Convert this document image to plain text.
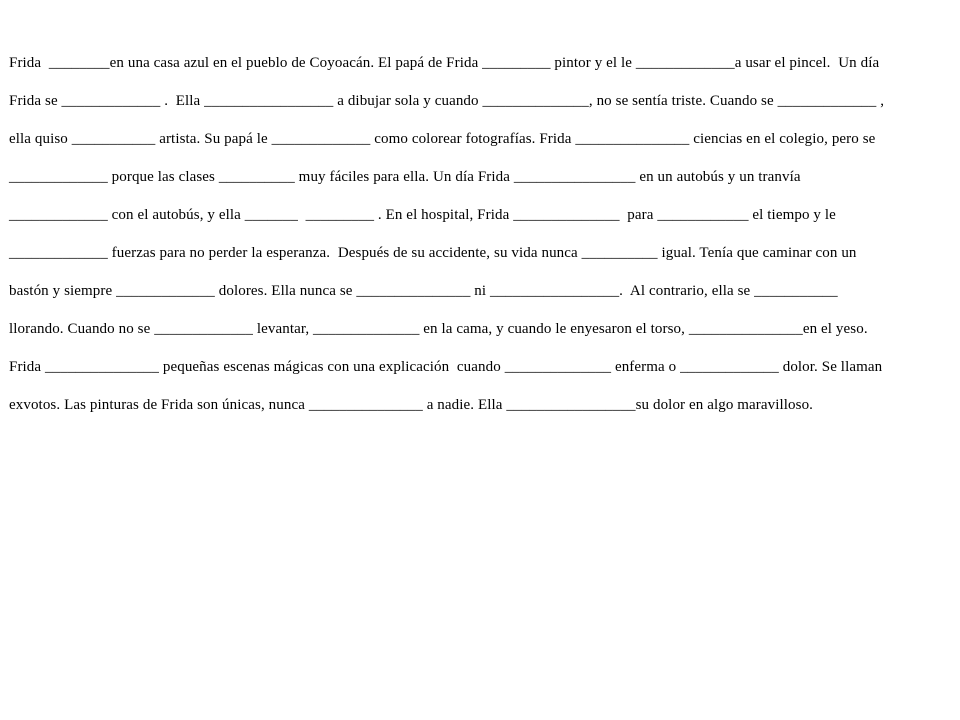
Frida  ________en una casa azul en el pueblo de Coyoacán. El papá de Frida _________ pintor y el le _____________a usar el pincel.  Un día
Frida se _____________ .  Ella _________________ a dibujar sola y cuando ______________, no se sentía triste. Cuando se _____________ ,
ella quiso ___________ artista. Su papá le _____________ como colorear fotografías. Frida _______________ ciencias en el colegio, pero se
_____________ porque las clases __________ muy fáciles para ella. Un día Frida ________________ en un autobús y un tranvía
_____________ con el autobús, y ella _______  _________ . En el hospital, Frida ______________  para ____________ el tiempo y le
_____________ fuerzas para no perder la esperanza.  Después de su accidente, su vida nunca __________ igual. Tenía que caminar con un
bastón y siempre _____________ dolores. Ella nunca se _______________ ni _________________.  Al contrario, ella se ___________
llorando. Cuando no se _____________ levantar, ______________ en la cama, y cuando le enyesaron el torso, _______________en el yeso.
Frida _______________ pequeñas escenas mágicas con una explicación  cuando ______________ enferma o _____________ dolor. Se llaman
exvotos. Las pinturas de Frida son únicas, nunca _______________ a nadie. Ella _________________su dolor en algo maravilloso.
